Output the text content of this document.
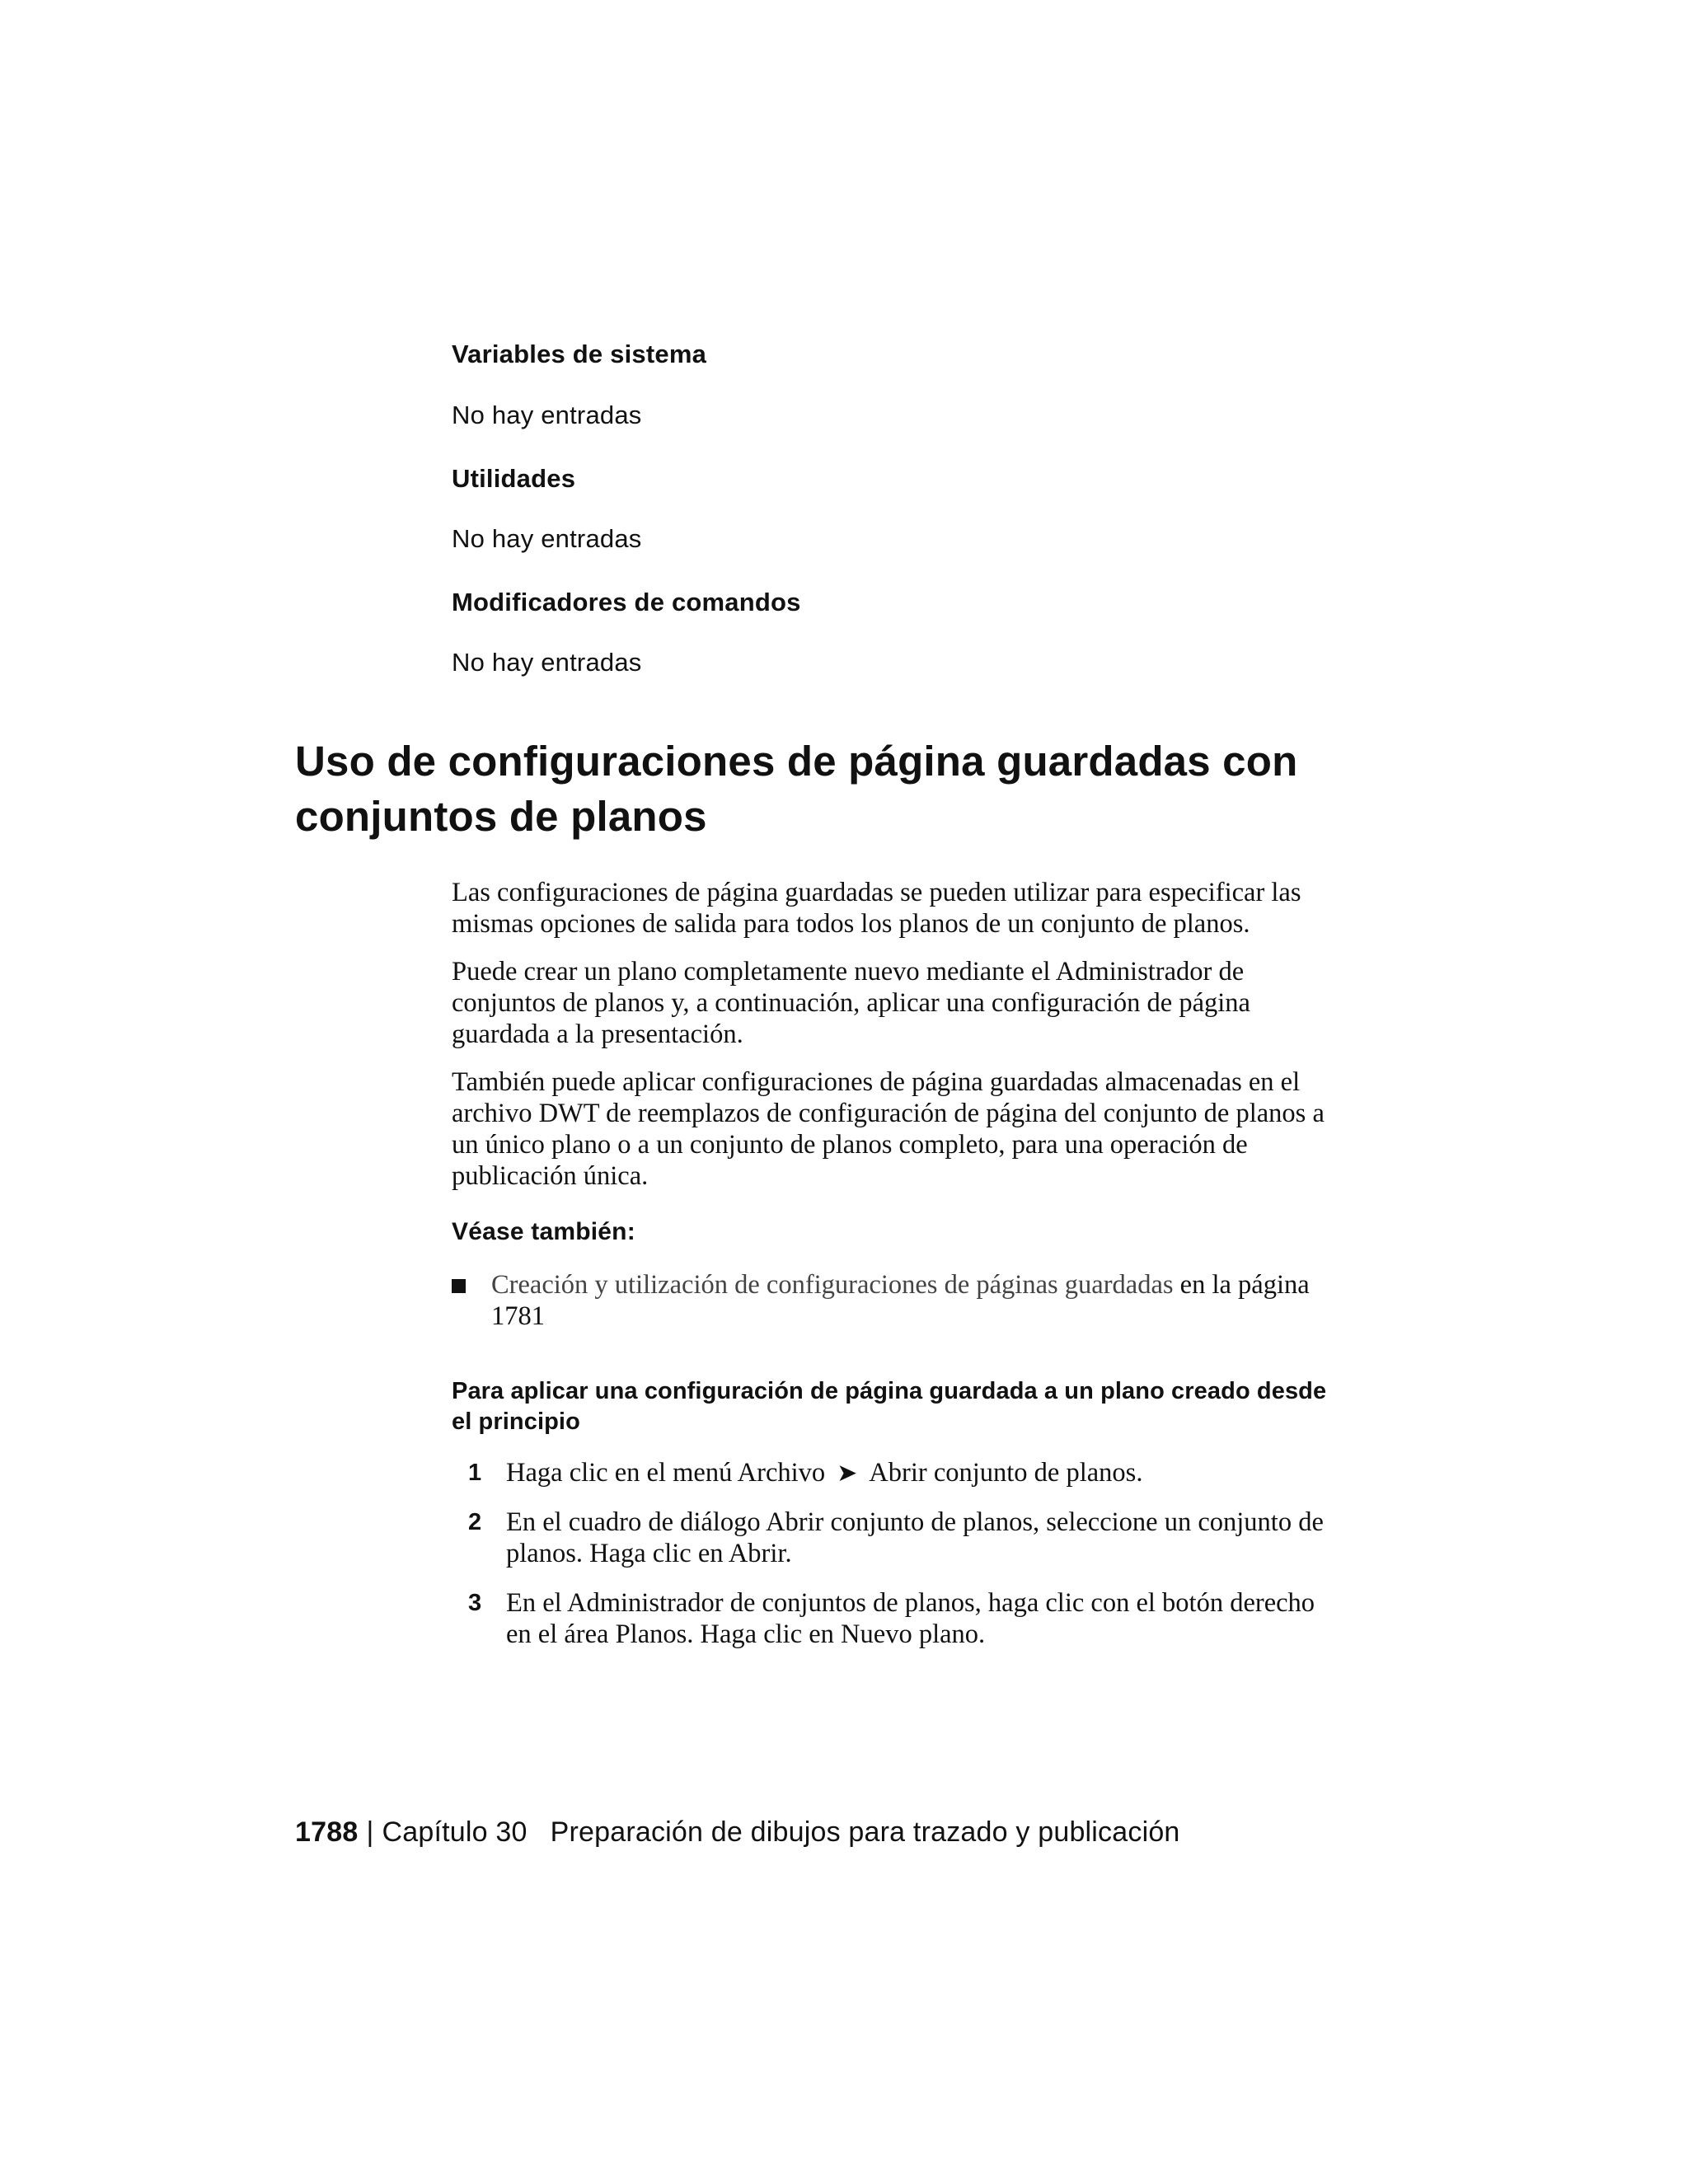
Variables de sistema
No hay entradas
Utilidades
No hay entradas
Modificadores de comandos
No hay entradas
Uso de configuraciones de página guardadas con conjuntos de planos

Las configuraciones de página guardadas se pueden utilizar para especificar las mismas opciones de salida para todos los planos de un conjunto de planos.

Puede crear un plano completamente nuevo mediante el Administrador de conjuntos de planos y, a continuación, aplicar una configuración de página guardada a la presentación.

También puede aplicar configuraciones de página guardadas almacenadas en el archivo DWT de reemplazos de configuración de página del conjunto de planos a un único plano o a un conjunto de planos completo, para una operación de publicación única.

Véase también:
Creación y utilización de configuraciones de páginas guardadas en la página 1781
Para aplicar una configuración de página guardada a un plano creado desde el principio
1 Haga clic en el menú Archivo ➤ Abrir conjunto de planos.
2 En el cuadro de diálogo Abrir conjunto de planos, seleccione un conjunto de planos. Haga clic en Abrir.
3 En el Administrador de conjuntos de planos, haga clic con el botón derecho en el área Planos. Haga clic en Nuevo plano.
1788 | Capítulo 30 Preparación de dibujos para trazado y publicación
